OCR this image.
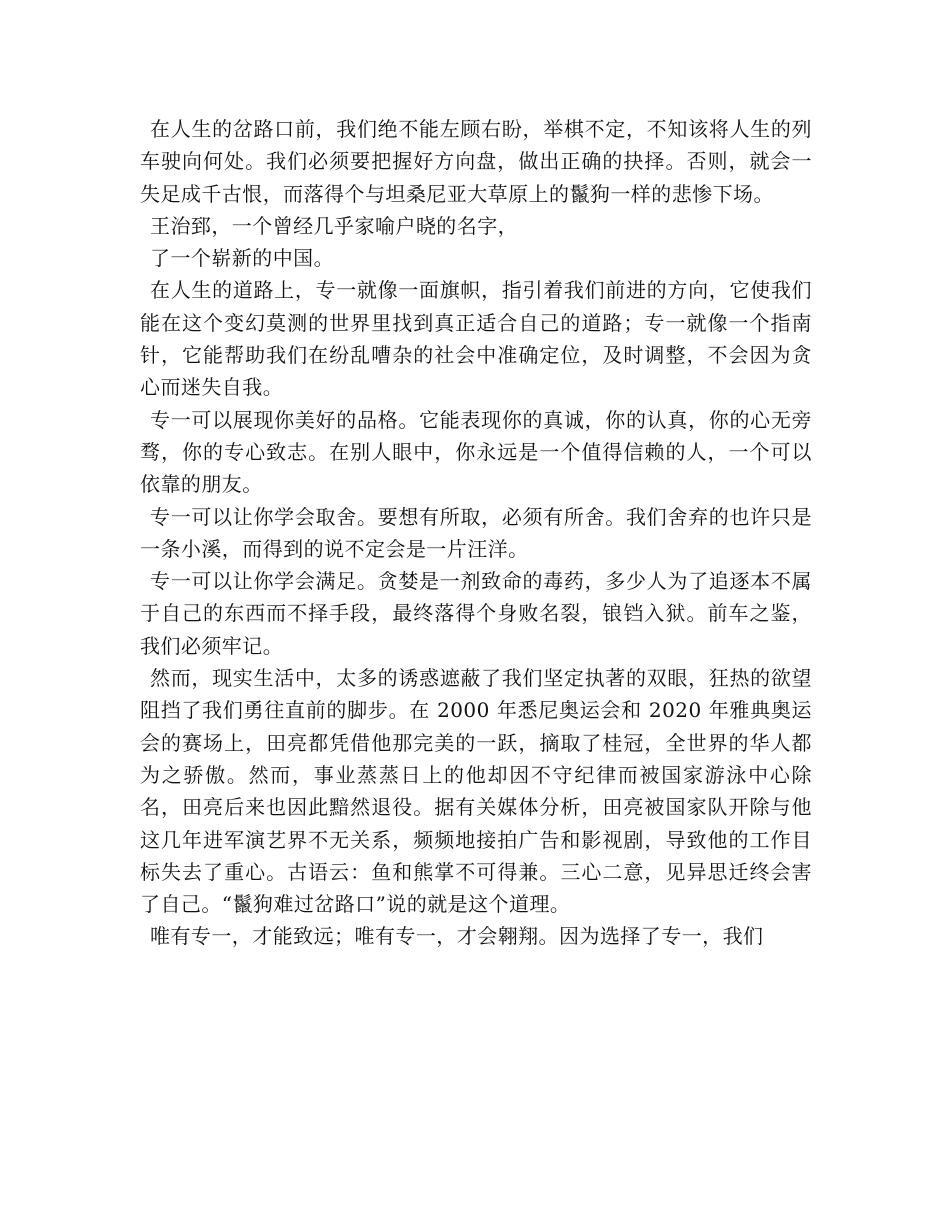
在人生的岔路口前，我们绝不能左顾右盼，举棋不定，不知该将人生的列车驶向何处。我们必须要把握好方向盘，做出正确的抉择。否则，就会一失足成千古恨，而落得个与坦桑尼亚大草原上的鬣狗一样的悲惨下场。

王治郅，一个曾经几乎家喻户晓的名字，

了一个崭新的中国。

在人生的道路上，专一就像一面旗帜，指引着我们前进的方向，它使我们能在这个变幻莫测的世界里找到真正适合自己的道路；专一就像一个指南针，它能帮助我们在纷乱嘈杂的社会中准确定位，及时调整，不会因为贪心而迷失自我。

专一可以展现你美好的品格。它能表现你的真诚，你的认真，你的心无旁骛，你的专心致志。在别人眼中，你永远是一个值得信赖的人，一个可以依靠的朋友。

专一可以让你学会取舍。要想有所取，必须有所舍。我们舍弃的也许只是一条小溪，而得到的说不定会是一片汪洋。

专一可以让你学会满足。贪婪是一剂致命的毒药，多少人为了追逐本不属于自己的东西而不择手段，最终落得个身败名裂，锒铛入狱。前车之鉴，我们必须牢记。

然而，现实生活中，太多的诱惑遮蔽了我们坚定执著的双眼，狂热的欲望阻挡了我们勇往直前的脚步。在 2000 年悉尼奥运会和 2020 年雅典奥运会的赛场上，田亮都凭借他那完美的一跃，摘取了桂冠，全世界的华人都为之骄傲。然而，事业蒸蒸日上的他却因不守纪律而被国家游泳中心除名，田亮后来也因此黯然退役。据有关媒体分析，田亮被国家队开除与他这几年进军演艺界不无关系，频频地接拍广告和影视剧，导致他的工作目标失去了重心。古语云：鱼和熊掌不可得兼。三心二意，见异思迁终会害了自己。“鬣狗难过岔路口”说的就是这个道理。

唯有专一，才能致远；唯有专一，才会翱翔。因为选择了专一，我们
